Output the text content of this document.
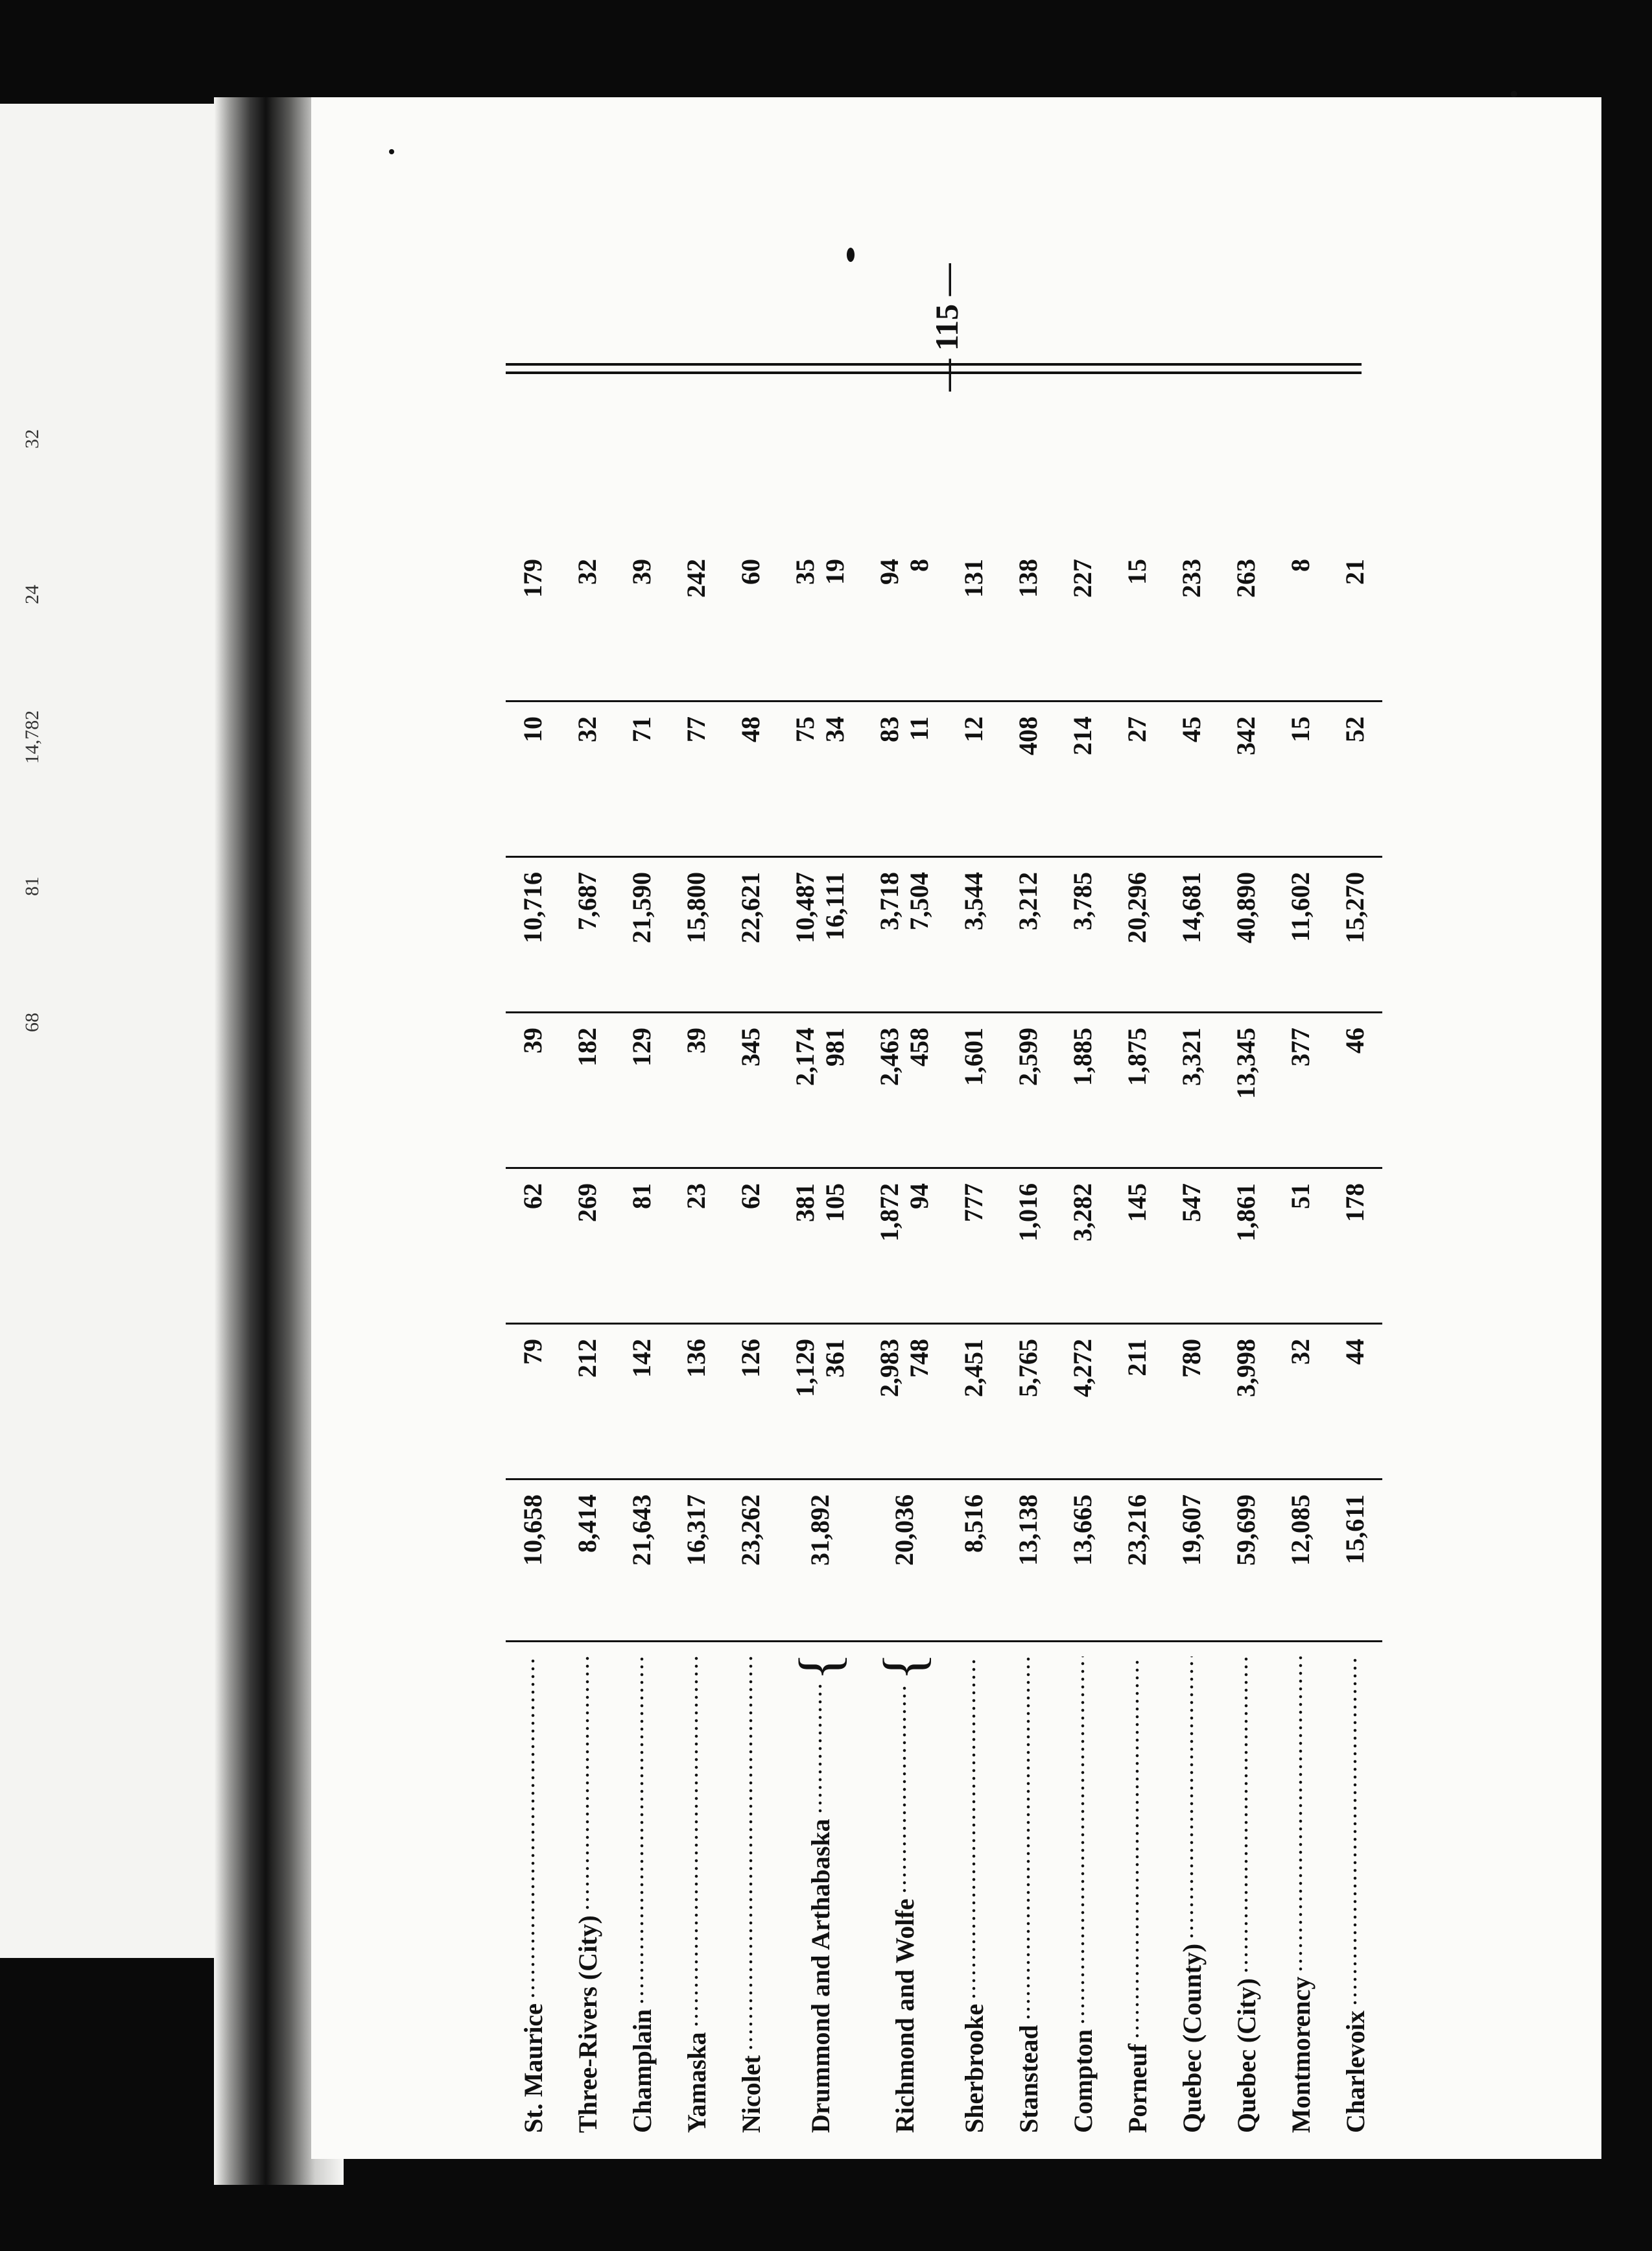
32
24
14,782
81
68
— 115 —
St. Maurice
10,658
79
62
39
10,716
10
179
Three-Rivers (City)
8,414
212
269
182
7,687
32
32
Champlain
21,643
142
81
129
21,590
71
39
Yamaska
16,317
136
23
39
15,800
77
242
Nicolet
23,262
126
62
345
22,621
48
60
Drummond and Arthabaska
{
31,892
1,129 361
381 105
2,174 981
10,487 16,111
75 34
35 19
Richmond and Wolfe
{
20,036
2,983 748
1,872 94
2,463 458
3,718 7,504
83 11
94 8
Sherbrooke
8,516
2,451
777
1,601
3,544
12
131
Stanstead
13,138
5,765
1,016
2,599
3,212
408
138
Compton
13,665
4,272
3,282
1,885
3,785
214
227
Porneuf
23,216
211
145
1,875
20,296
27
15
Quebec (County)
19,607
780
547
3,321
14,681
45
233
Quebec (City)
59,699
3,998
1,861
13,345
40,890
342
263
Montmorency
12,085
32
51
377
11,602
15
8
Charlevoix
15,611
44
178
46
15,270
52
21
